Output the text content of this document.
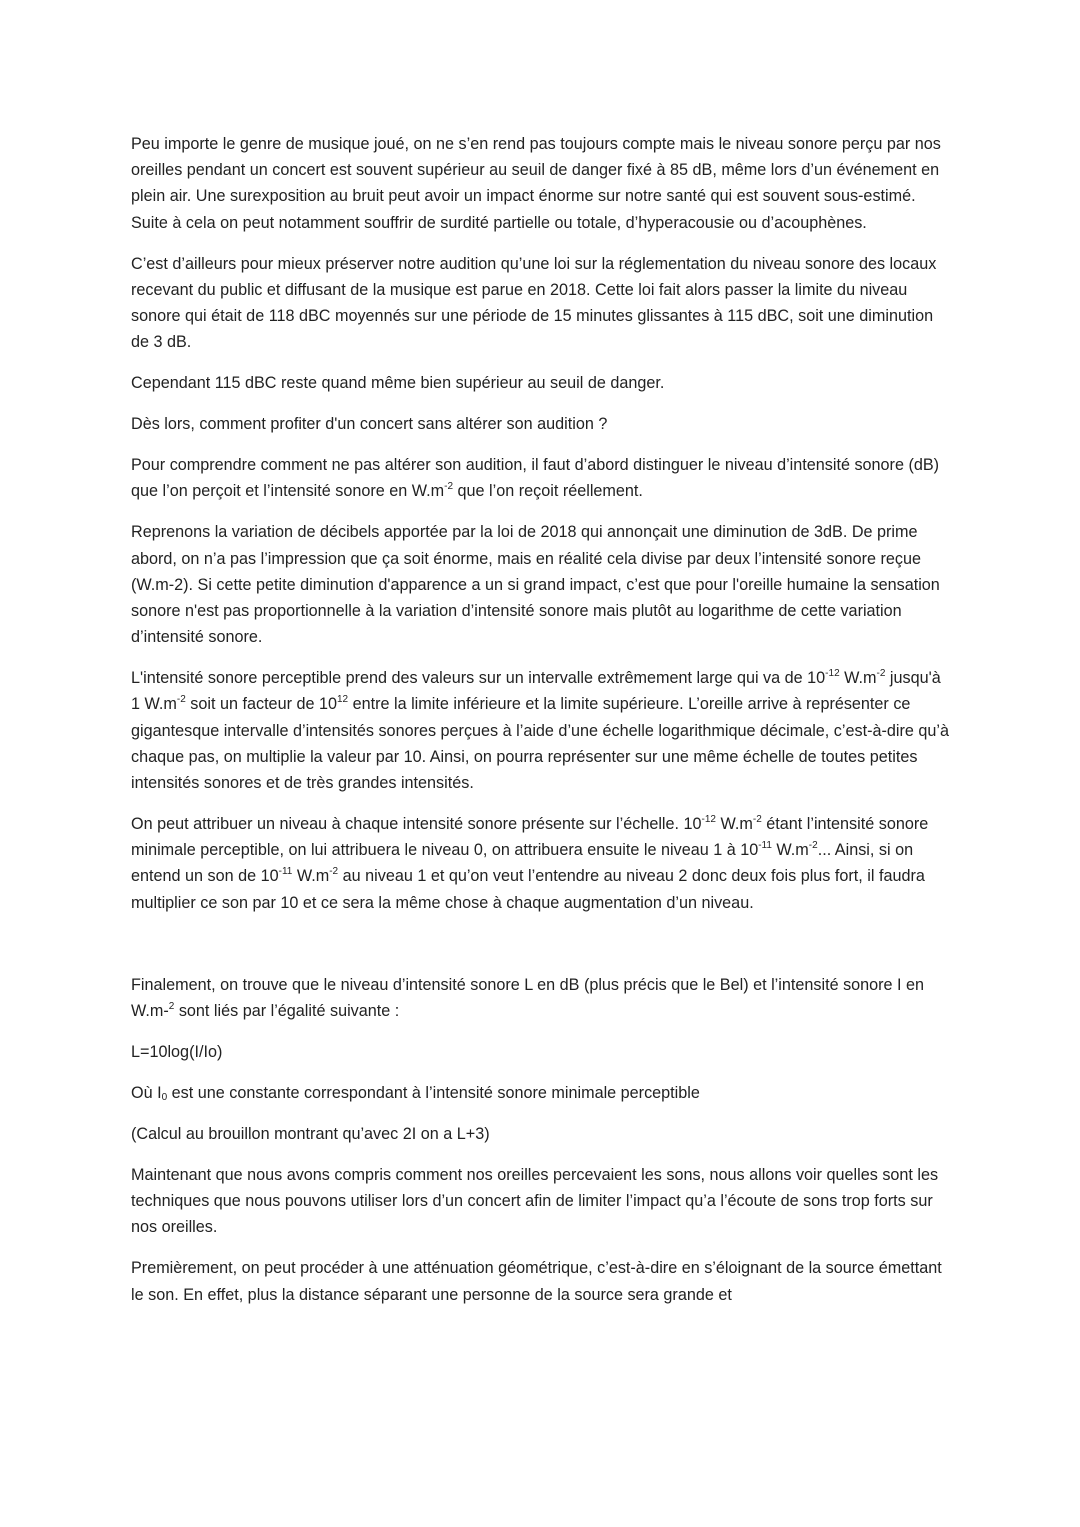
Peu importe le genre de musique joué, on ne s’en rend pas toujours compte mais le niveau sonore perçu par nos oreilles pendant un concert est souvent supérieur au seuil de danger fixé à 85 dB, même lors d’un événement en plein air. Une surexposition au bruit peut avoir un impact énorme sur notre santé qui est souvent sous-estimé. Suite à cela on peut notamment souffrir de surdité partielle ou totale, d’hyperacousie ou d’acouphènes.

C’est d’ailleurs pour mieux préserver notre audition qu’une loi sur la réglementation du niveau sonore des locaux recevant du public et diffusant de la musique est parue en 2018. Cette loi fait alors passer la limite du niveau sonore qui était de 118 dBC moyennés sur une période de 15 minutes glissantes à 115 dBC, soit une diminution de 3 dB.

Cependant 115 dBC reste quand même bien supérieur au seuil de danger.

Dès lors, comment profiter d'un concert sans altérer son audition ?

Pour comprendre comment ne pas altérer son audition, il faut d’abord distinguer le niveau d’intensité sonore (dB) que l’on perçoit et l’intensité sonore en $W.m^{-2}$ que l’on reçoit réellement.

Reprenons la variation de décibels apportée par la loi de 2018 qui annonçait une diminution de 3dB. De prime abord, on n’a pas l’impression que ça soit énorme, mais en réalité cela divise par deux l’intensité sonore reçue (W.m-2). Si cette petite diminution d'apparence a un si grand impact, c’est que pour l'oreille humaine la sensation sonore n'est pas proportionnelle à la variation d’intensité sonore mais plutôt au logarithme de cette variation d’intensité sonore.

L'intensité sonore perceptible prend des valeurs sur un intervalle extrêmement large qui va de $10^{-12}$ $W.m^{-2}$ jusqu'à 1 $W.m^{-2}$ soit un facteur de $10^{12}$ entre la limite inférieure et la limite supérieure. L’oreille arrive à représenter ce gigantesque intervalle d’intensités sonores perçues à l’aide d’une échelle logarithmique décimale, c’est-à-dire qu’à chaque pas, on multiplie la valeur par 10. Ainsi, on pourra représenter sur une même échelle de toutes petites intensités sonores et de très grandes intensités.

On peut attribuer un niveau à chaque intensité sonore présente sur l’échelle. $10^{-12}$ $W.m^{-2}$ étant l’intensité sonore minimale perceptible, on lui attribuera le niveau 0, on attribuera ensuite le niveau 1 à $10^{-11}$ $W.m^{-2}$... Ainsi, si on entend un son de $10^{-11}$ $W.m^{-2}$ au niveau 1 et qu’on veut l’entendre au niveau 2 donc deux fois plus fort, il faudra multiplier ce son par 10 et ce sera la même chose à chaque augmentation d’un niveau.

Finalement, on trouve que le niveau d’intensité sonore L en dB (plus précis que le Bel) et l’intensité sonore I en W.m-$^2$ sont liés par l’égalité suivante :

L=10log(I/Io)

Où $I_0$ est une constante correspondant à l’intensité sonore minimale perceptible

(Calcul au brouillon montrant qu’avec 2I on a L+3)

Maintenant que nous avons compris comment nos oreilles percevaient les sons, nous allons voir quelles sont les techniques que nous pouvons utiliser lors d’un concert afin de limiter l’impact qu’a l’écoute de sons trop forts sur nos oreilles.

Premièrement, on peut procéder à une atténuation géométrique, c’est-à-dire en s’éloignant de la source émettant le son. En effet, plus la distance séparant une personne de la source sera grande et
